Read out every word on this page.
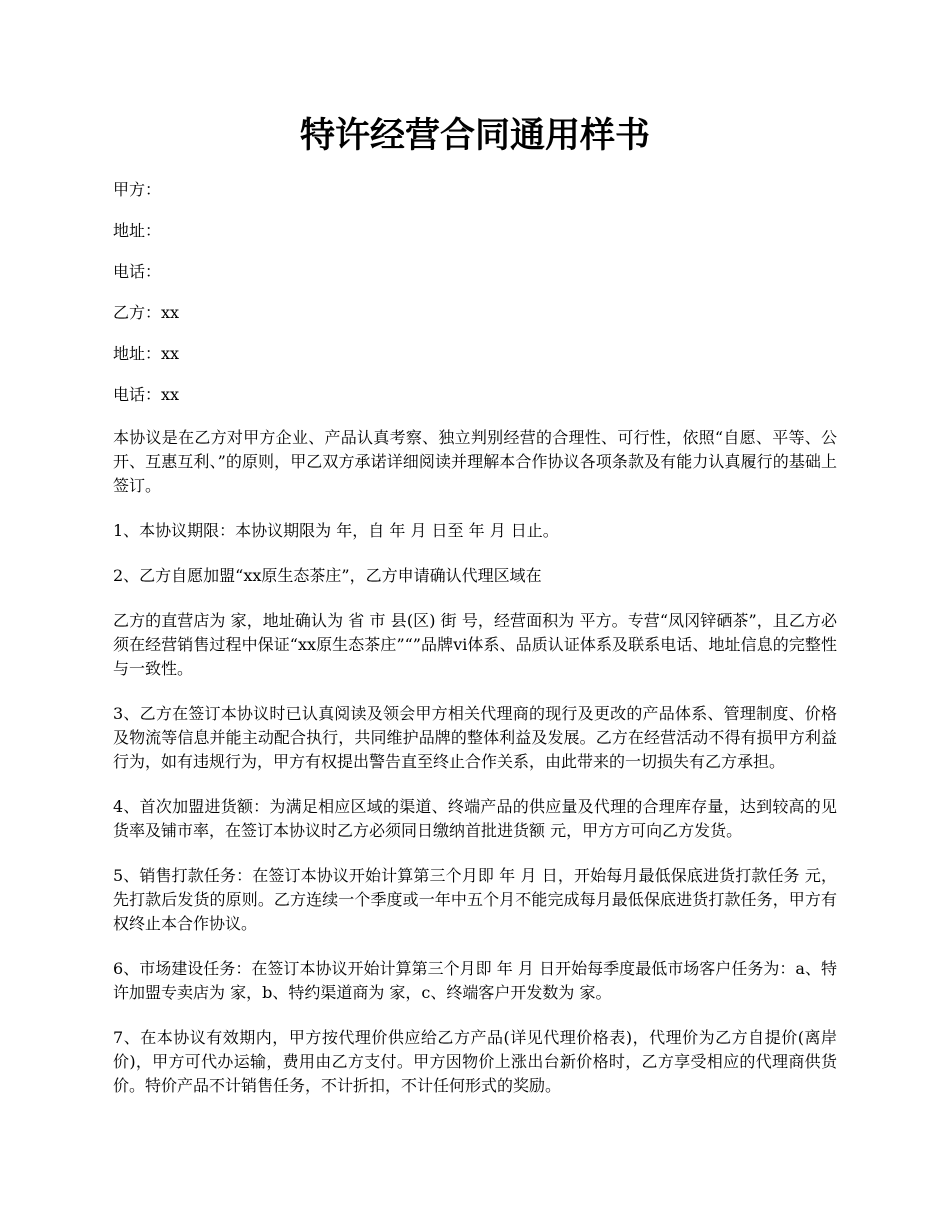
特许经营合同通用样书
甲方：
地址：
电话：
乙方：xx
地址：xx
电话：xx

本协议是在乙方对甲方企业、产品认真考察、独立判别经营的合理性、可行性，依照“自愿、平等、公开、互惠互利、”的原则，甲乙双方承诺详细阅读并理解本合作协议各项条款及有能力认真履行的基础上签订。

1、本协议期限：本协议期限为 年，自 年 月 日至 年 月 日止。

2、乙方自愿加盟“xx原生态茶庄”，乙方申请确认代理区域在

乙方的直营店为 家，地址确认为 省 市 县(区) 街 号，经营面积为 平方。专营“凤冈锌硒茶”，且乙方必须在经营销售过程中保证“xx原生态茶庄”“”品牌vi体系、品质认证体系及联系电话、地址信息的完整性与一致性。

3、乙方在签订本协议时已认真阅读及领会甲方相关代理商的现行及更改的产品体系、管理制度、价格及物流等信息并能主动配合执行，共同维护品牌的整体利益及发展。乙方在经营活动不得有损甲方利益行为，如有违规行为，甲方有权提出警告直至终止合作关系，由此带来的一切损失有乙方承担。

4、首次加盟进货额：为满足相应区域的渠道、终端产品的供应量及代理的合理库存量，达到较高的见货率及铺市率，在签订本协议时乙方必须同日缴纳首批进货额 元，甲方方可向乙方发货。

5、销售打款任务：在签订本协议开始计算第三个月即 年 月 日，开始每月最低保底进货打款任务 元， 先打款后发货的原则。乙方连续一个季度或一年中五个月不能完成每月最低保底进货打款任务，甲方有权终止本合作协议。

6、市场建设任务：在签订本协议开始计算第三个月即 年 月 日开始每季度最低市场客户任务为：a、特许加盟专卖店为 家，b、特约渠道商为 家，c、终端客户开发数为 家。

7、在本协议有效期内，甲方按代理价供应给乙方产品(详见代理价格表)，代理价为乙方自提价(离岸价)，甲方可代办运输，费用由乙方支付。甲方因物价上涨出台新价格时，乙方享受相应的代理商供货价。特价产品不计销售任务，不计折扣，不计任何形式的奖励。
